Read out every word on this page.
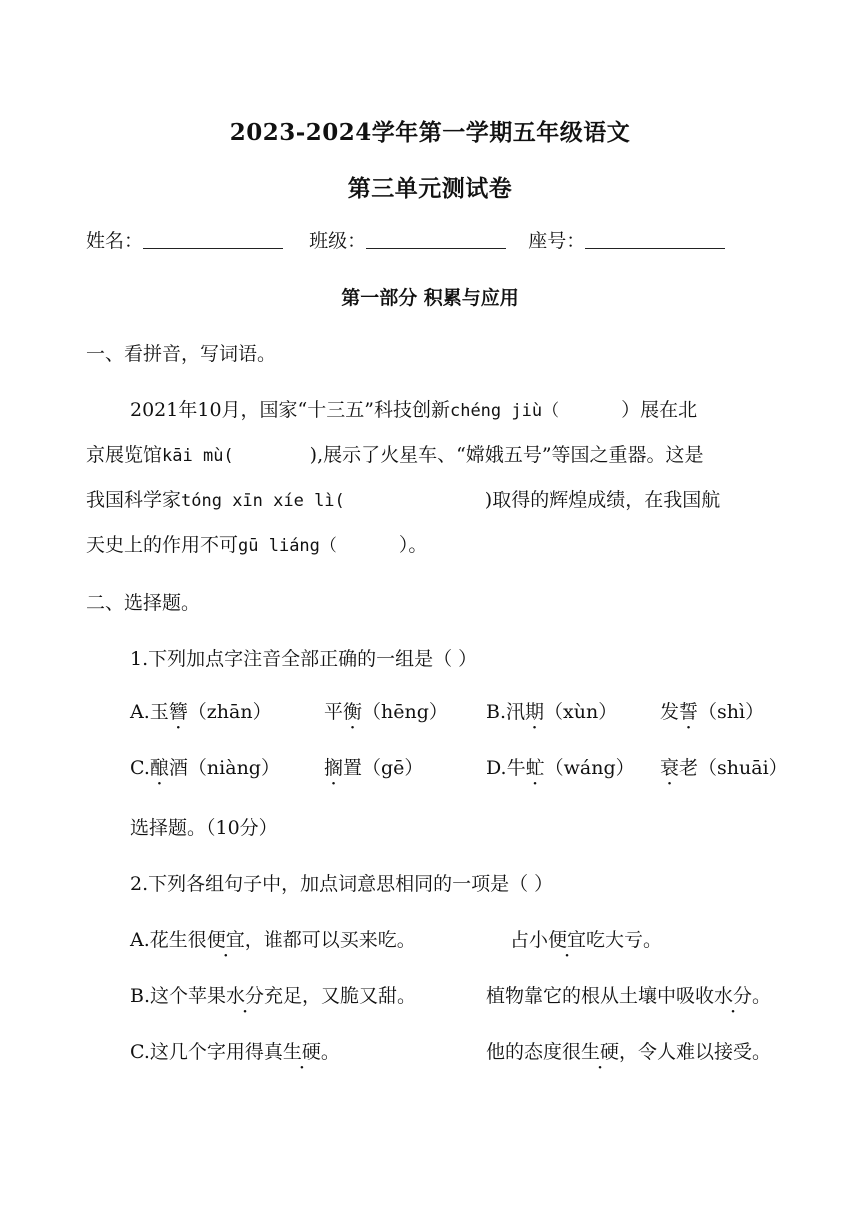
2023-2024学年第一学期五年级语文
第三单元测试卷
姓名：	班级：	座号：
第一部分 积累与应用
一、看拼音，写词语。
2021年10月，国家“十三五”科技创新chéng jiù（	）展在北
京展览馆kāi mù(	),展示了火星车、“嫦娥五号”等国之重器。这是
我国科学家tóng xīn xíe lì(	)取得的辉煌成绩，在我国航
天史上的作用不可gū liáng（	）。
二、选择题。
1.下列加点字注音全部正确的一组是（ ）
A.玉簪（zhān）	平衡（hēng） B.汛期（xùn） 发誓（shì）
C.酿酒（niàng） 搁置（gē）	D.牛虻（wáng） 衰老（shuāi）
选择题。（10分）
2.下列各组句子中，加点词意思相同的一项是（ ）
A.花生很便宜，谁都可以买来吃。	占小便宜吃大亏。
B.这个苹果水分充足，又脆又甜。	植物靠它的根从土壤中吸收水分。
C.这几个字用得真生硬。	他的态度很生硬，令人难以接受。
